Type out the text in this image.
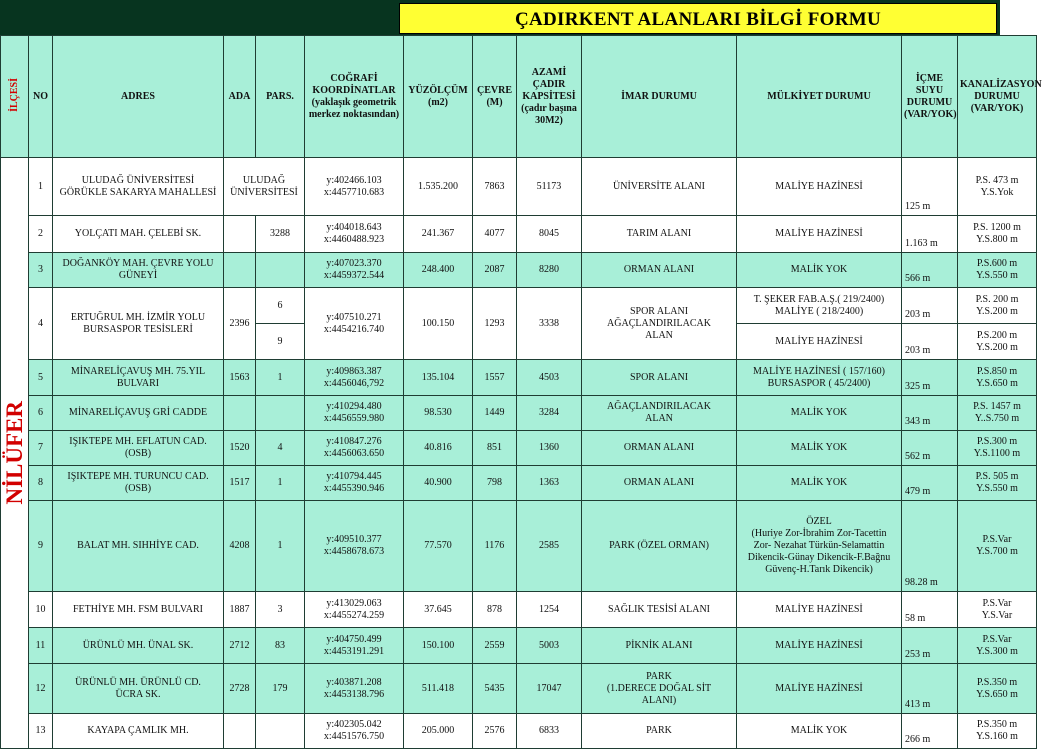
ÇADIRKENT ALANLARI BİLGİ FORMU
İLÇESİ	NO	ADRES	ADA	PARS.	COĞRAFİ KOORDİNATLAR
(yaklaşık geometrik merkez noktasından)	YÜZÖLÇÜM
(m2)	ÇEVRE
(M)	AZAMİ ÇADIR KAPSİTESİ
(çadır başına 30M2)	İMAR DURUMU	MÜLKİYET DURUMU	İÇME SUYU DURUMU
(VAR/YOK)	KANALİZASYON DURUMU
(VAR/YOK)
NİLÜFER	1	ULUDAĞ ÜNİVERSİTESİ
GÖRÜKLE SAKARYA MAHALLESİ	ULUDAĞ ÜNİVERSİTESİ		y:402466.103
x:4457710.683	1.535.200	7863	51173	ÜNİVERSİTE ALANI	MALİYE HAZİNESİ	125 m	P.S. 473 m
Y.S.Yok
	2	YOLÇATI MAH. ÇELEBİ SK.		3288	y:404018.643
x:4460488.923	241.367	4077	8045	TARIM ALANI	MALİYE HAZİNESİ	1.163 m	P.S. 1200 m
Y.S.800 m
	3	DOĞANKÖY MAH. ÇEVRE YOLU
GÜNEYİ			y:407023.370
x:4459372.544	248.400	2087	8280	ORMAN ALANI	MALİK YOK	566 m	P.S.600 m
Y.S.550 m
	4	ERTUĞRUL MH. İZMİR YOLU
BURSASPOR TESİSLERİ	2396	6	y:407510.271
x:4454216.740	100.150	1293	3338	SPOR ALANI
AĞAÇLANDIRILACAK
ALAN	T. ŞEKER FAB.A.Ş.( 219/2400)
MALİYE ( 218/2400)	203 m	P.S. 200 m
Y.S.200 m
				9						MALİYE HAZİNESİ	203 m	P.S.200 m
Y.S.200 m
	5	MİNARELİÇAVUŞ MH. 75.YIL
BULVARI	1563	1	y:409863.387
x:4456046,792	135.104	1557	4503	SPOR ALANI	MALİYE HAZİNESİ ( 157/160)
BURSASPOR ( 45/2400)	325 m	P.S.850 m
Y.S.650 m
	6	MİNARELİÇAVUŞ GRİ CADDE			y:410294.480
x:4456559.980	98.530	1449	3284	AĞAÇLANDIRILACAK
ALAN	MALİK YOK	343 m	P.S. 1457 m
Y..S.750 m
	7	IŞIKTEPE MH. EFLATUN CAD.
(OSB)	1520	4	y:410847.276
x:4456063.650	40.816	851	1360	ORMAN ALANI	MALİK YOK	562 m	P.S.300 m
Y.S.1100 m
	8	IŞIKTEPE MH. TURUNCU CAD.
(OSB)	1517	1	y:410794.445
x:4455390.946	40.900	798	1363	ORMAN ALANI	MALİK YOK	479 m	P.S. 505 m
Y.S.550 m
	9	BALAT MH. SIHHİYE CAD.	4208	1	y:409510.377
x:4458678.673	77.570	1176	2585	PARK (ÖZEL ORMAN)	ÖZEL
(Huriye Zor-İbrahim Zor-Tacettin
Zor- Nezahat Türkün-Selamattin
Dikencik-Günay Dikencik-F.Bağnu
Güvenç-H.Tarık Dikencik)	98.28 m	P.S.Var
Y.S.700 m
	10	FETHİYE MH. FSM BULVARI	1887	3	y:413029.063
x:4455274.259	37.645	878	1254	SAĞLIK TESİSİ ALANI	MALİYE HAZİNESİ	58 m	P.S.Var
Y.S.Var
	11	ÜRÜNLÜ MH. ÜNAL SK.	2712	83	y:404750.499
x:4453191.291	150.100	2559	5003	PİKNİK ALANI	MALİYE HAZİNESİ	253 m	P.S.Var
Y.S.300 m
	12	ÜRÜNLÜ MH. ÜRÜNLÜ CD.
ÜCRA SK.	2728	179	y:403871.208
x:4453138.796	511.418	5435	17047	PARK
(1.DERECE DOĞAL SİT
ALANI)	MALİYE HAZİNESİ	413 m	P.S.350 m
Y.S.650 m
	13	KAYAPA ÇAMLIK MH.			y:402305.042
x:4451576.750	205.000	2576	6833	PARK	MALİK YOK	266 m	P.S.350 m
Y.S.160 m
